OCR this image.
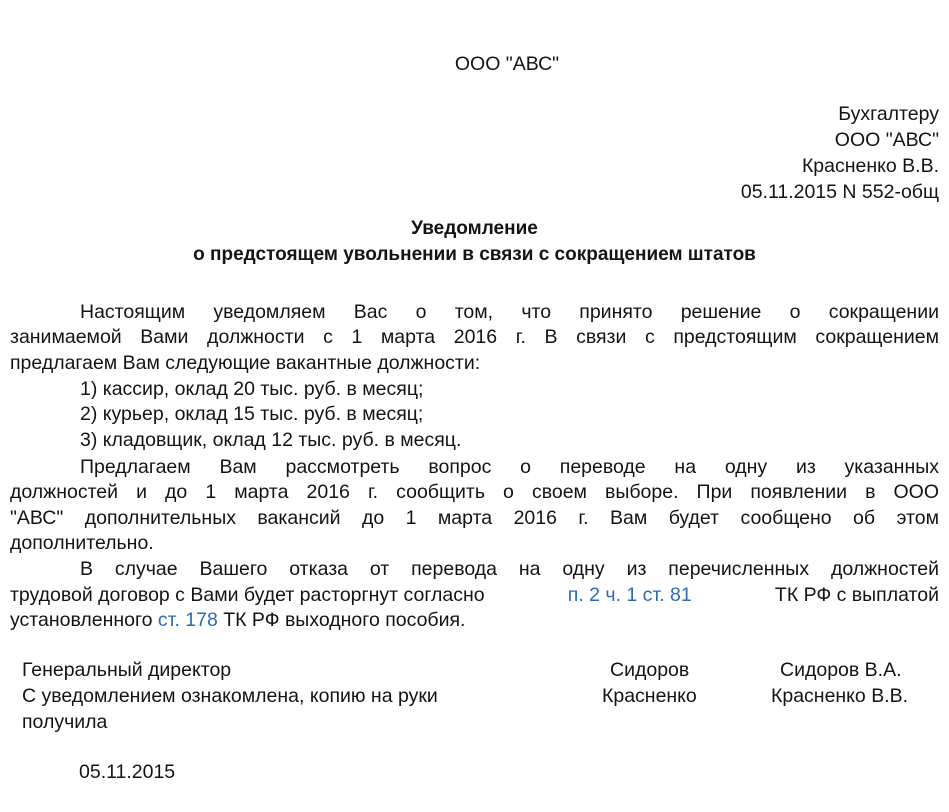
ООО "АВС"
Бухгалтеру
ООО "АВС"
Красненко В.В.
05.11.2015 N 552-общ
Уведомление
о предстоящем увольнении в связи с сокращением штатов
Настоящим уведомляем Вас о том, что принято решение о сокращении
занимаемой Вами должности с 1 марта 2016 г. В связи с предстоящим сокращением
предлагаем Вам следующие вакантные должности:
1) кассир, оклад 20 тыс. руб. в месяц;
2) курьер, оклад 15 тыс. руб. в месяц;
3) кладовщик, оклад 12 тыс. руб. в месяц.
Предлагаем Вам рассмотреть вопрос о переводе на одну из указанных
должностей и до 1 марта 2016 г. сообщить о своем выборе. При появлении в ООО
"АВС" дополнительных вакансий до 1 марта 2016 г. Вам будет сообщено об этом
дополнительно.
В случае Вашего отказа от перевода на одну из перечисленных должностей
трудовой договор с Вами будет расторгнут согласно	п. 2 ч. 1 ст. 81	ТК РФ с выплатой
установленного ст. 178 ТК РФ выходного пособия.
Генеральный директор	Сидоров	Сидоров В.А.
С уведомлением ознакомлена, копию на руки	Красненко	Красненко В.В.
получила
05.11.2015
